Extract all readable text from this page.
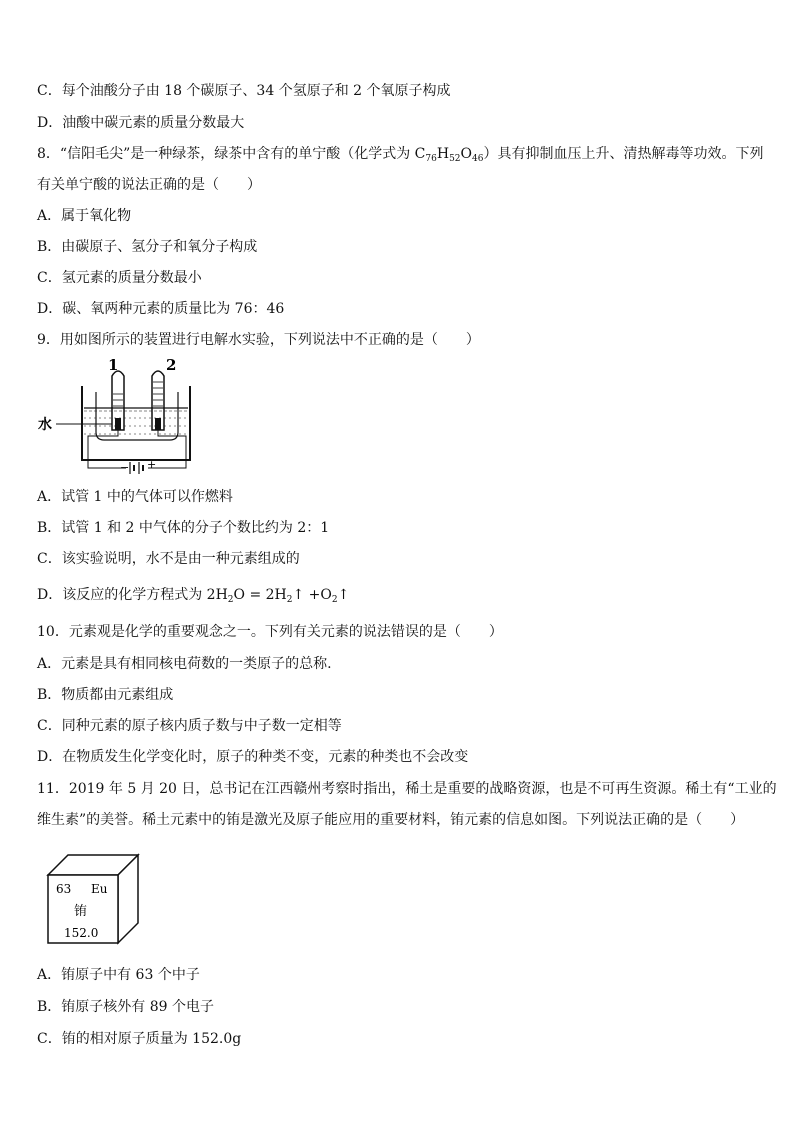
C．每个油酸分子由 18 个碳原子、34 个氢原子和 2 个氧原子构成
D．油酸中碳元素的质量分数最大
8．“信阳毛尖”是一种绿茶，绿茶中含有的单宁酸（化学式为 $C_{76}H_{52}O_{46}$）具有抑制血压上升、清热解毒等功效。下列
有关单宁酸的说法正确的是（　　）
A．属于氧化物
B．由碳原子、氢分子和氧分子构成
C．氢元素的质量分数最小
D．碳、氧两种元素的质量比为 76：46
9．用如图所示的装置进行电解水实验，下列说法中不正确的是（　　）
水
1	2
− +
A．试管 1 中的气体可以作燃料
B．试管 1 和 2 中气体的分子个数比约为 2：1
C．该实验说明，水不是由一种元素组成的
D．该反应的化学方程式为 $2H_2O$ = $2H_2↑$ $+O_2↑$
10．元素观是化学的重要观念之一。下列有关元素的说法错误的是（　　）
A．元素是具有相同核电荷数的一类原子的总称.
B．物质都由元素组成
C．同种元素的原子核内质子数与中子数一定相等
D．在物质发生化学变化时，原子的种类不变，元素的种类也不会改变
11．2019 年 5 月 20 日，总书记在江西赣州考察时指出，稀土是重要的战略资源，也是不可再生资源。稀土有“工业的
维生素”的美誉。稀土元素中的铕是激光及原子能应用的重要材料，铕元素的信息如图。下列说法正确的是（　　）
63 Eu
铕
152.0
A．铕原子中有 63 个中子
B．铕原子核外有 89 个电子
C．铕的相对原子质量为 152.0g
